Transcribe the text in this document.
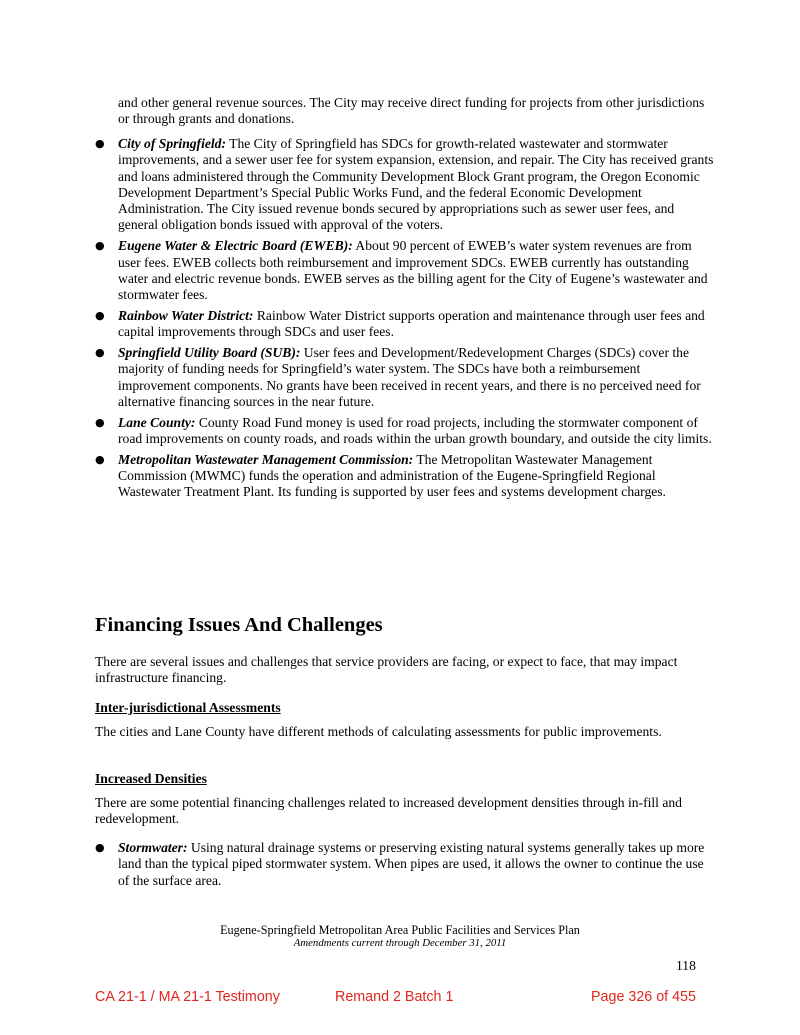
and other general revenue sources. The City may receive direct funding for projects from other jurisdictions or through grants and donations.

● City of Springfield: The City of Springfield has SDCs for growth-related wastewater and stormwater improvements, and a sewer user fee for system expansion, extension, and repair. The City has received grants and loans administered through the Community Development Block Grant program, the Oregon Economic Development Department’s Special Public Works Fund, and the federal Economic Development Administration. The City issued revenue bonds secured by appropriations such as sewer user fees, and general obligation bonds issued with approval of the voters.
● Eugene Water & Electric Board (EWEB): About 90 percent of EWEB’s water system revenues are from user fees. EWEB collects both reimbursement and improvement SDCs. EWEB currently has outstanding water and electric revenue bonds. EWEB serves as the billing agent for the City of Eugene’s wastewater and stormwater fees.
● Rainbow Water District: Rainbow Water District supports operation and maintenance through user fees and capital improvements through SDCs and user fees.
● Springfield Utility Board (SUB): User fees and Development/Redevelopment Charges (SDCs) cover the majority of funding needs for Springfield’s water system. The SDCs have both a reimbursement improvement components. No grants have been received in recent years, and there is no perceived need for alternative financing sources in the near future.
● Lane County: County Road Fund money is used for road projects, including the stormwater component of road improvements on county roads, and roads within the urban growth boundary, and outside the city limits.
● Metropolitan Wastewater Management Commission: The Metropolitan Wastewater Management Commission (MWMC) funds the operation and administration of the Eugene-Springfield Regional Wastewater Treatment Plant. Its funding is supported by user fees and systems development charges.
Financing Issues And Challenges

There are several issues and challenges that service providers are facing, or expect to face, that may impact infrastructure financing.

Inter-jurisdictional Assessments

The cities and Lane County have different methods of calculating assessments for public improvements.

Increased Densities

There are some potential financing challenges related to increased development densities through in-fill and redevelopment.

● Stormwater: Using natural drainage systems or preserving existing natural systems generally takes up more land than the typical piped stormwater system. When pipes are used, it allows the owner to continue the use of the surface area.

Eugene-Springfield Metropolitan Area Public Facilities and Services Plan

Amendments current through December 31, 2011

118

CA 21-1 / MA 21-1 Testimony	Remand 2 Batch 1	Page 326 of 455
